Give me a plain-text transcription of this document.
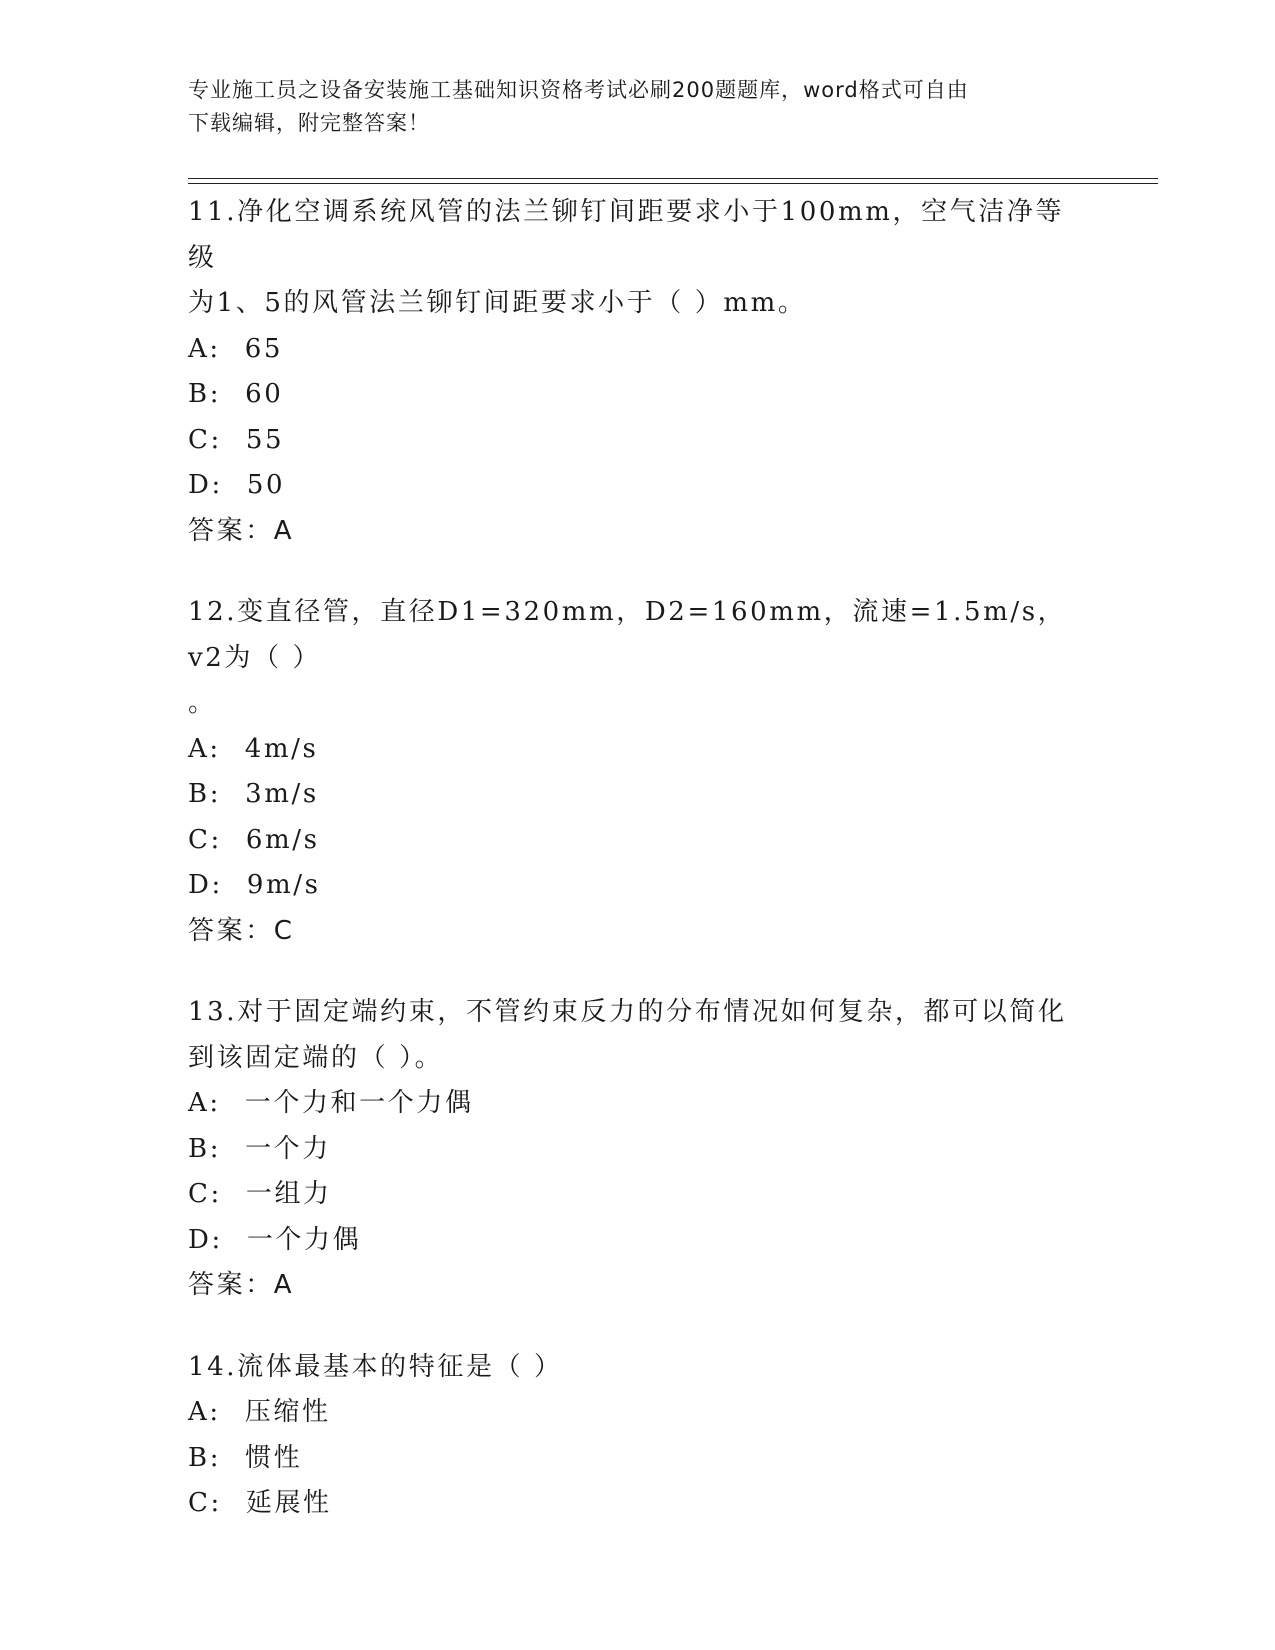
专业施工员之设备安装施工基础知识资格考试必刷200题题库，word格式可自由
下载编辑，附完整答案！

11.净化空调系统风管的法兰铆钉间距要求小于100mm，空气洁净等级

为1、5的风管法兰铆钉间距要求小于（ ）mm。

A: 65

B: 60

C: 55

D: 50

答案：A

12.变直径管，直径D1=320mm，D2=160mm，流速=1.5m/s，v2为（ ）

。

A: 4m/s

B: 3m/s

C: 6m/s

D: 9m/s

答案：C

13.对于固定端约束，不管约束反力的分布情况如何复杂，都可以简化

到该固定端的（ ）。

A: 一个力和一个力偶

B: 一个力

C: 一组力

D: 一个力偶

答案：A

14.流体最基本的特征是（ ）

A: 压缩性

B: 惯性

C: 延展性
